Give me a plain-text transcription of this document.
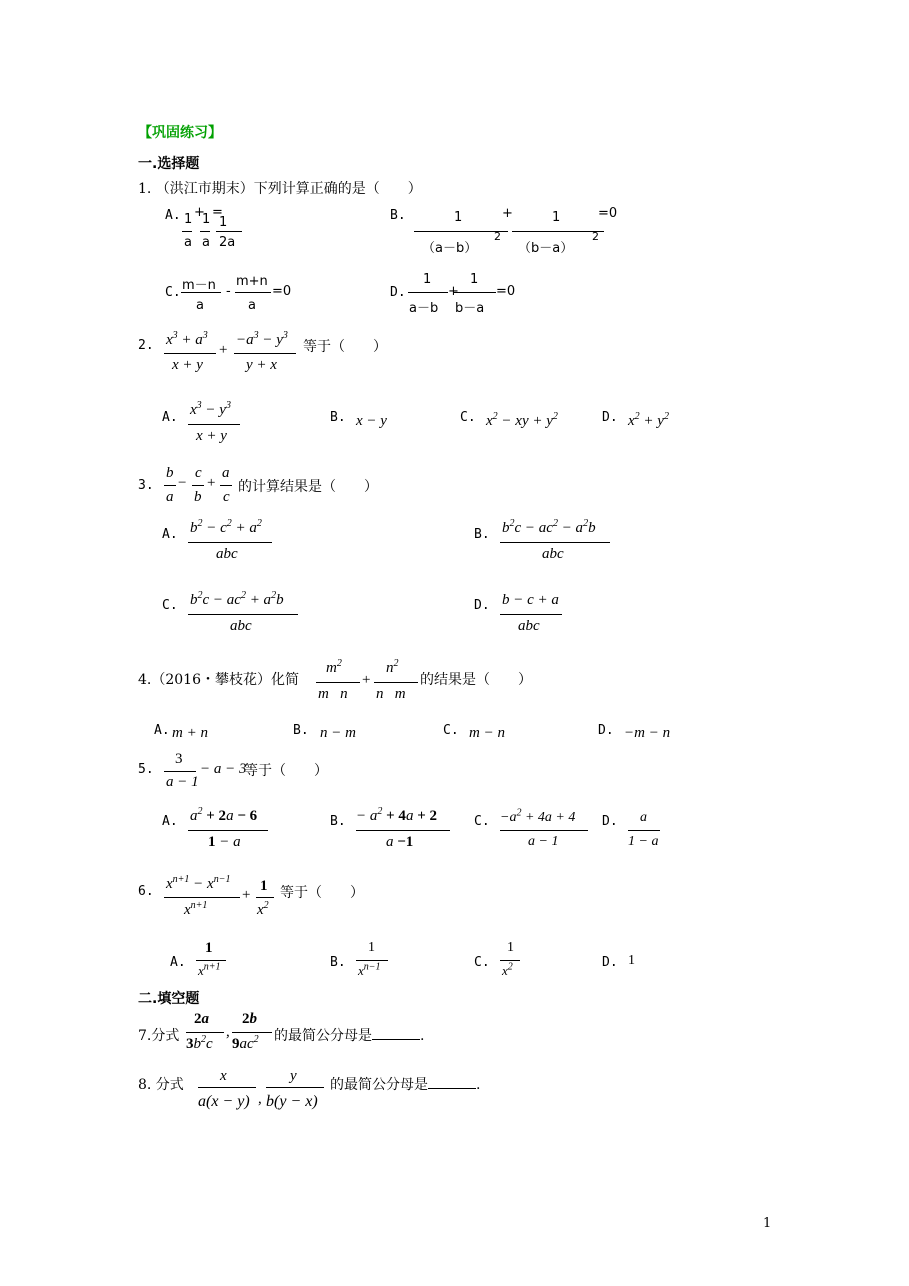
【巩固练习】
一.选择题
1. （洪江市期末）下列计算正确的是（　　）
A. 1 +
1 =
1
a a 2a
B.	1
（a－b）
2
+	1
（b－a）
2
=0
C. m－n
a
-
m+n
a
=0	D.
1
a－b
+
1
b－a
=0
2. $x^3 + a^3$
x + y
+
$-a^3 - y^3$
y + x
等于（　　）
A. $x^3 - y^3$
x + y
B. x − y	C. $x^2$ − xy + $y^2$	D. $x^2 + y^2$
3.
b
a
−
c
b
+
a
c
的计算结果是（　　）
A. $b^2 - c^2 + a^2$
abc
B. $b^2c - ac^2 - a^2b$
abc
C. $b^2c - ac^2 + a^2b$
abc
D. b − c + a
abc
4.（2016・攀枝花）化简
$m^2$
m   n
+
$n^2$
n   m
的结果是（　　）
A. m + n	B. n − m	C. m − n	D. −m − n
5.
3
a − 1
− a − 3
等于（　　）
A. $a^2 + 2a - 6$
1 − a
B. − $a^2 + 4a + 2$
a −1
C. $-a^2 + 4a + 4$
a − 1
D. a
1 − a
6. $x^{n+1} - x^{n-1}$
$x^{n+1}$
+
1
$x^2$
等于（　　）
A.
1
$x^{n+1}$	B.
1
$x^{n-1}$	C.
1
$x^2$	D. 1
二.填空题
7.分式
2a
$3b^2c$
,
2b
$9ac^2$ 的最简公分母是	.
8. 分式
x
a(x − y) ,
y
b(y − x)
的最简公分母是	.
1
